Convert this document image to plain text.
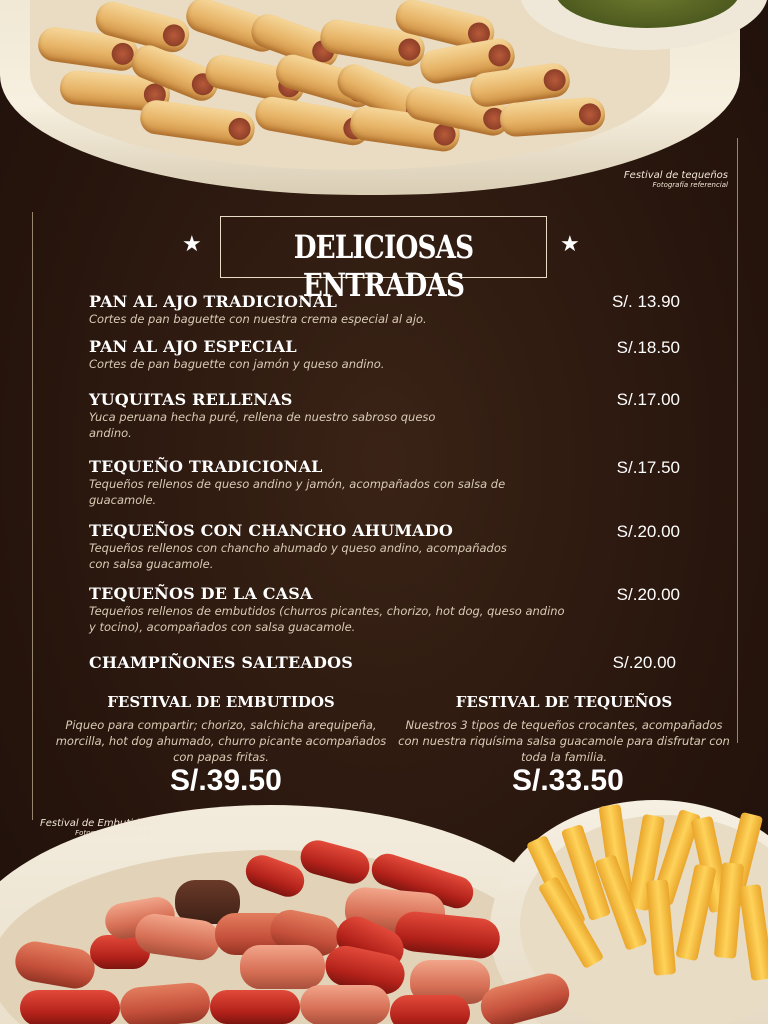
Festival de tequeños
Fotografía referencial
★	DELICIOSAS ENTRADAS
★
PAN AL AJO TRADICIONAL
Cortes de pan baguette con nuestra crema especial al ajo.
S/. 13.90
PAN AL AJO ESPECIAL
Cortes de pan baguette con jamón y queso andino.
S/.18.50
YUQUITAS RELLENAS
Yuca peruana hecha puré, rellena de nuestro sabroso queso andino.
S/.17.00
TEQUEÑO TRADICIONAL
Tequeños rellenos de queso andino y jamón, acompañados con salsa de guacamole.
S/.17.50
TEQUEÑOS CON CHANCHO AHUMADO
Tequeños rellenos con chancho ahumado y queso andino, acompañados con salsa guacamole.
S/.20.00
TEQUEÑOS DE LA CASA
Tequeños rellenos de embutidos (churros picantes, chorizo, hot dog, queso andino y tocino), acompañados con salsa guacamole.
S/.20.00
CHAMPIÑONES SALTEADOS	S/.20.00
FESTIVAL DE EMBUTIDOS
Piqueo para compartir; chorizo, salchicha arequipeña, morcilla, hot dog ahumado, churro picante acompañados con papas fritas.
S/.39.50
FESTIVAL DE TEQUEÑOS
Nuestros 3 tipos de tequeños crocantes, acompañados con nuestra riquísima salsa guacamole para disfrutar con toda la familia.
S/.33.50
Festival de Embutidos
Fotografía referencial
